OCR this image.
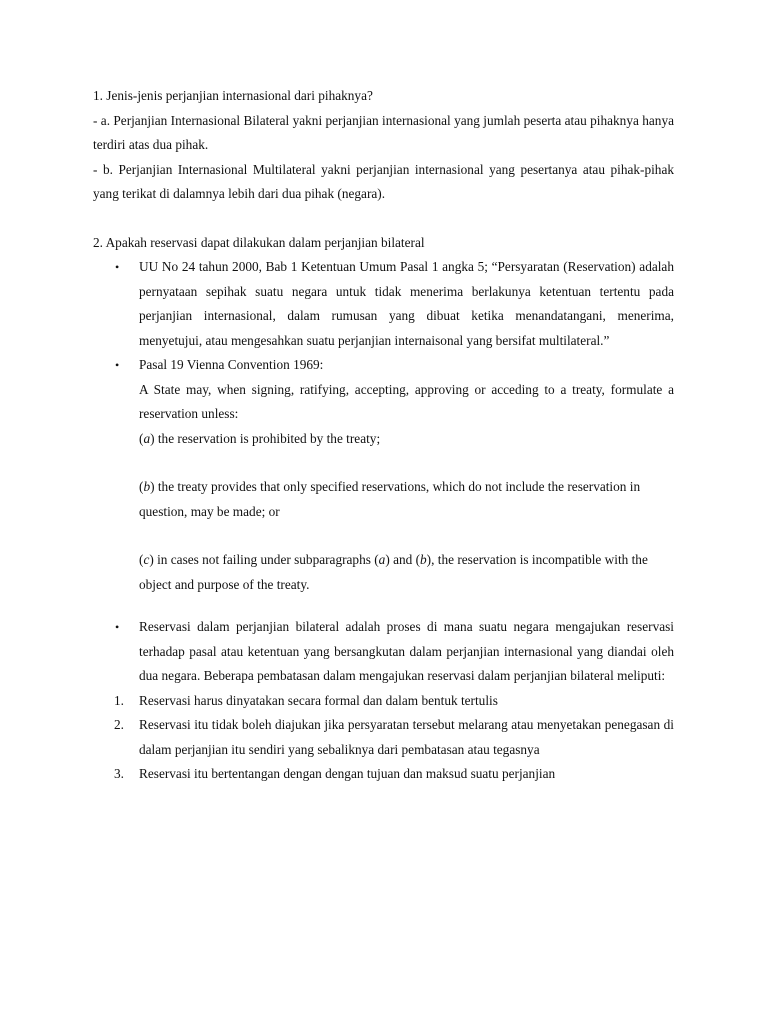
1. Jenis-jenis perjanjian internasional dari pihaknya?

- a. Perjanjian Internasional Bilateral yakni perjanjian internasional yang jumlah peserta atau pihaknya hanya terdiri atas dua pihak.

- b. Perjanjian Internasional Multilateral yakni perjanjian internasional yang pesertanya atau pihak-pihak yang terikat di dalamnya lebih dari dua pihak (negara).

2. Apakah reservasi dapat dilakukan dalam perjanjian bilateral

•	UU No 24 tahun 2000, Bab 1 Ketentuan Umum Pasal 1 angka 5; “Persyaratan (Reservation) adalah pernyataan sepihak suatu negara untuk tidak menerima berlakunya ketentuan tertentu pada perjanjian internasional, dalam rumusan yang dibuat ketika menandatangani, menerima, menyetujui, atau mengesahkan suatu perjanjian internaisonal yang bersifat multilateral.”

•	Pasal 19 Vienna Convention 1969:

A State may, when signing, ratifying, accepting, approving or acceding to a treaty, formulate a reservation unless:

(a) the reservation is prohibited by the treaty;

(b) the treaty provides that only specified reservations, which do not include the reservation in question, may be made; or

(c) in cases not failing under subparagraphs (a) and (b), the reservation is incompatible with the object and purpose of the treaty.

•	Reservasi dalam perjanjian bilateral adalah proses di mana suatu negara mengajukan reservasi terhadap pasal atau ketentuan yang bersangkutan dalam perjanjian internasional yang diandai oleh dua negara. Beberapa pembatasan dalam mengajukan reservasi dalam perjanjian bilateral meliputi:

1. Reservasi harus dinyatakan secara formal dan dalam bentuk tertulis

2. Reservasi itu tidak boleh diajukan jika persyaratan tersebut melarang atau menyetakan penegasan di dalam perjanjian itu sendiri yang sebaliknya dari pembatasan atau tegasnya

3. Reservasi itu bertentangan dengan dengan tujuan dan maksud suatu perjanjian
